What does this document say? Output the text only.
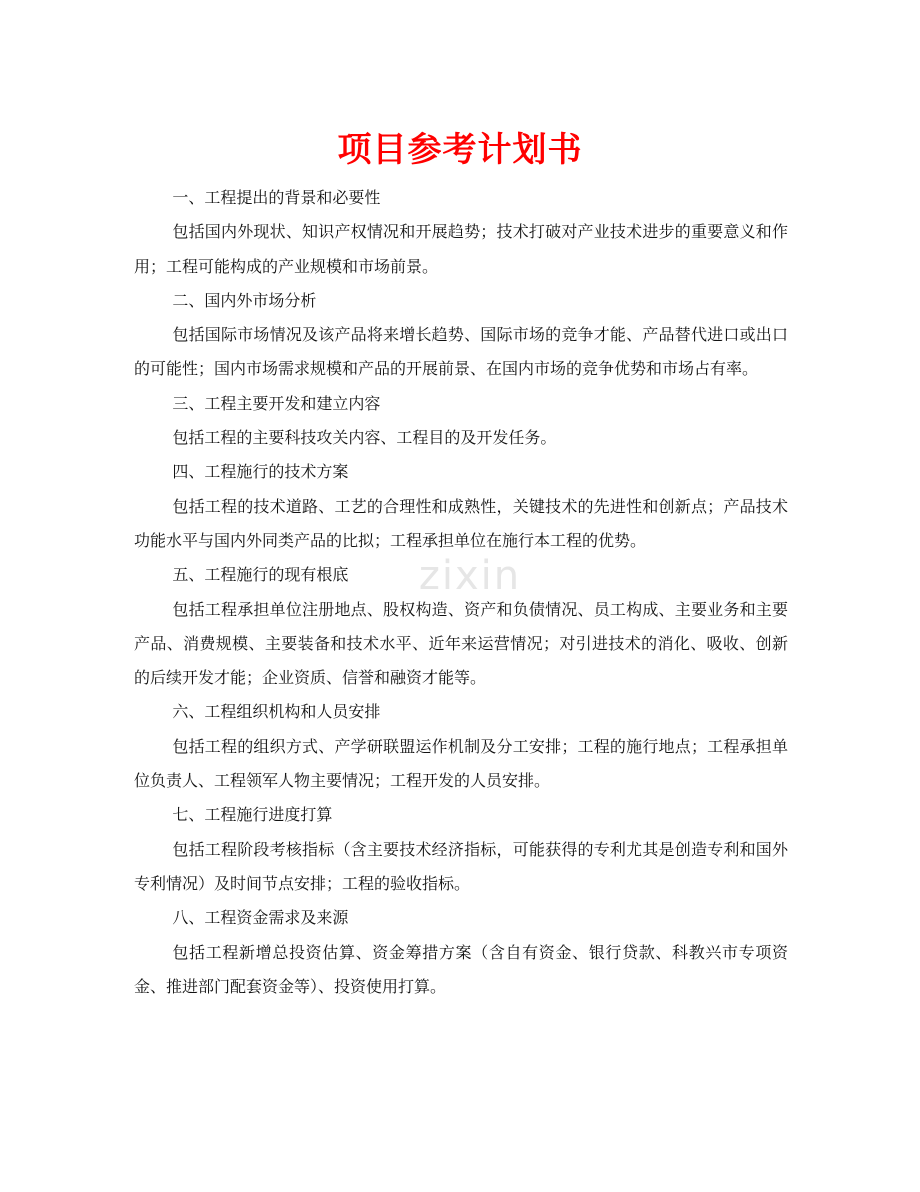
zixin
项目参考计划书

一、工程提出的背景和必要性

包括国内外现状、知识产权情况和开展趋势；技术打破对产业技术进步的重要意义和作用；工程可能构成的产业规模和市场前景。

二、国内外市场分析

包括国际市场情况及该产品将来增长趋势、国际市场的竞争才能、产品替代进口或出口的可能性；国内市场需求规模和产品的开展前景、在国内市场的竞争优势和市场占有率。

三、工程主要开发和建立内容

包括工程的主要科技攻关内容、工程目的及开发任务。

四、工程施行的技术方案

包括工程的技术道路、工艺的合理性和成熟性，关键技术的先进性和创新点；产品技术功能水平与国内外同类产品的比拟；工程承担单位在施行本工程的优势。

五、工程施行的现有根底

包括工程承担单位注册地点、股权构造、资产和负债情况、员工构成、主要业务和主要产品、消费规模、主要装备和技术水平、近年来运营情况；对引进技术的消化、吸收、创新的后续开发才能；企业资质、信誉和融资才能等。

六、工程组织机构和人员安排

包括工程的组织方式、产学研联盟运作机制及分工安排；工程的施行地点；工程承担单位负责人、工程领军人物主要情况；工程开发的人员安排。

七、工程施行进度打算

包括工程阶段考核指标（含主要技术经济指标，可能获得的专利尤其是创造专利和国外专利情况）及时间节点安排；工程的验收指标。

八、工程资金需求及来源

包括工程新增总投资估算、资金筹措方案（含自有资金、银行贷款、科教兴市专项资金、推进部门配套资金等）、投资使用打算。
